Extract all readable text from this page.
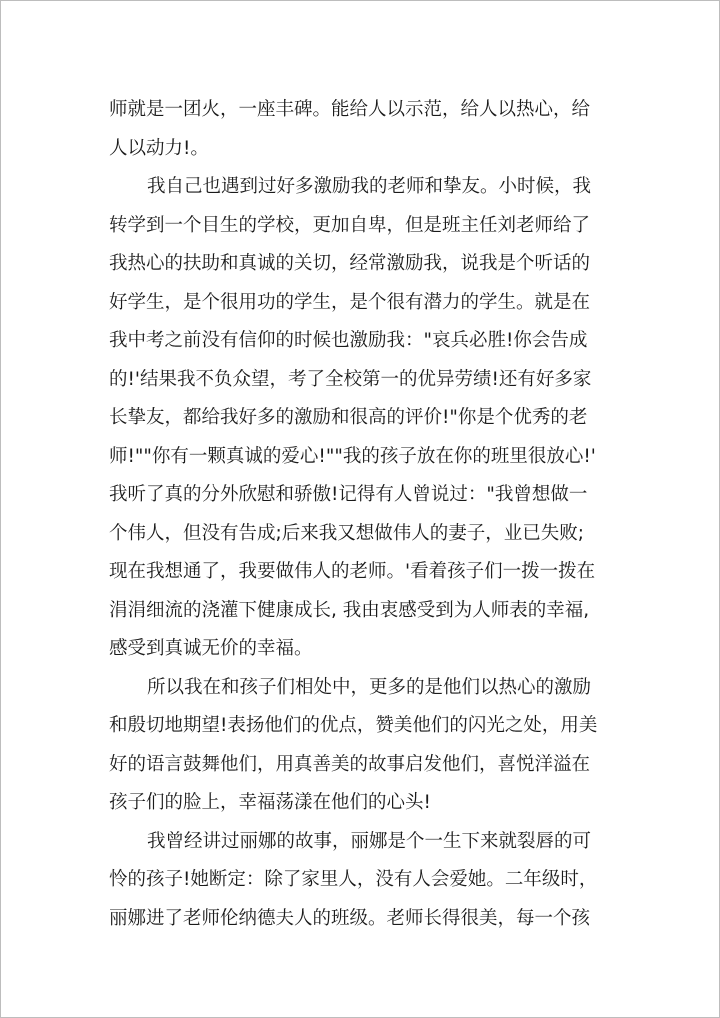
师就是一团火，一座丰碑。能给人以示范，给人以热心，给
人以动力!。
我自己也遇到过好多激励我的老师和挚友。小时候，我
转学到一个目生的学校，更加自卑，但是班主任刘老师给了
我热心的扶助和真诚的关切，经常激励我，说我是个听话的
好学生，是个很用功的学生，是个很有潜力的学生。就是在
我中考之前没有信仰的时候也激励我："哀兵必胜!你会告成
的!'结果我不负众望，考了全校第一的优异劳绩!还有好多家
长挚友，都给我好多的激励和很高的评价!"你是个优秀的老
师!""你有一颗真诚的爱心!""我的孩子放在你的班里很放心!'
我听了真的分外欣慰和骄傲!记得有人曾说过："我曾想做一
个伟人，但没有告成;后来我又想做伟人的妻子，业已失败;
现在我想通了，我要做伟人的老师。'看着孩子们一拨一拨在
涓涓细流的浇灌下健康成长, 我由衷感受到为人师表的幸福,
感受到真诚无价的幸福。
所以我在和孩子们相处中，更多的是他们以热心的激励
和殷切地期望!表扬他们的优点，赞美他们的闪光之处，用美
好的语言鼓舞他们，用真善美的故事启发他们，喜悦洋溢在
孩子们的脸上，幸福荡漾在他们的心头!
我曾经讲过丽娜的故事，丽娜是个一生下来就裂唇的可
怜的孩子!她断定：除了家里人，没有人会爱她。二年级时，
丽娜进了老师伦纳德夫人的班级。老师长得很美，每一个孩
